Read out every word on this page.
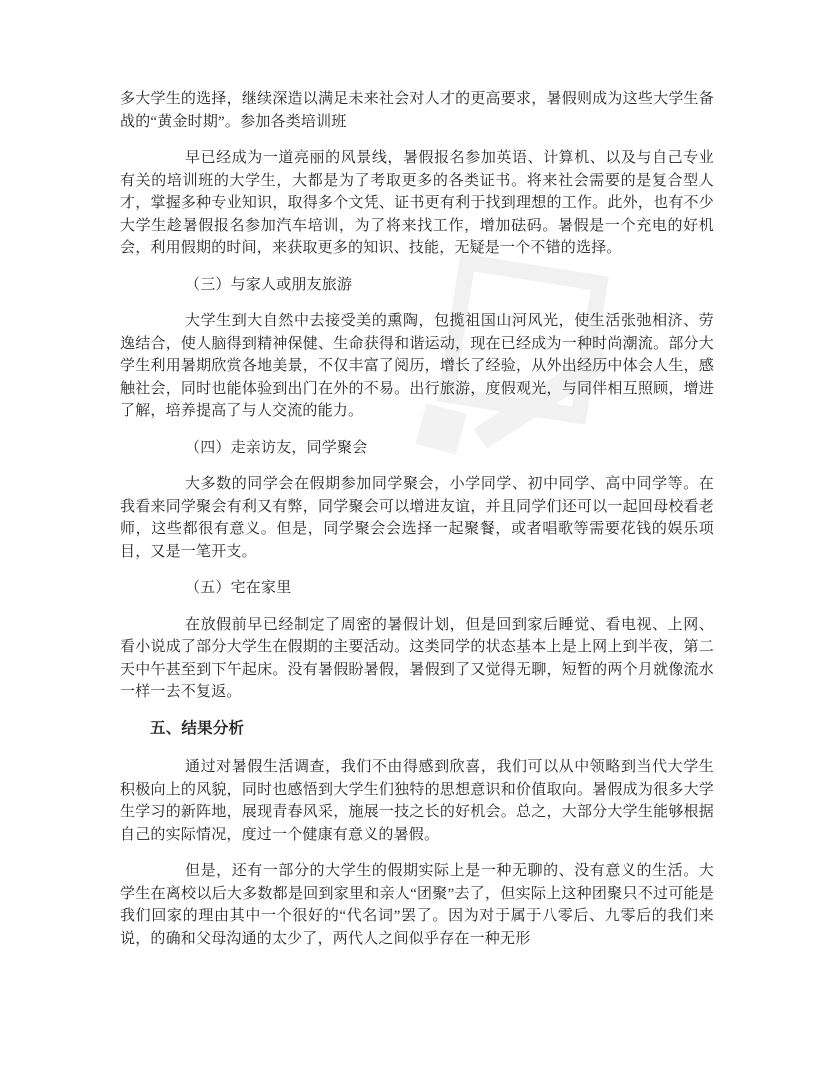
多大学生的选择，继续深造以满足未来社会对人才的更高要求，暑假则成为这些大学生备战的“黄金时期”。参加各类培训班

早已经成为一道亮丽的风景线，暑假报名参加英语、计算机、以及与自己专业有关的培训班的大学生，大都是为了考取更多的各类证书。将来社会需要的是复合型人才，掌握多种专业知识，取得多个文凭、证书更有利于找到理想的工作。此外，也有不少大学生趁暑假报名参加汽车培训，为了将来找工作，增加砝码。暑假是一个充电的好机会，利用假期的时间，来获取更多的知识、技能，无疑是一个不错的选择。

（三）与家人或朋友旅游

大学生到大自然中去接受美的熏陶，包揽祖国山河风光，使生活张弛相济、劳逸结合，使人脑得到精神保健、生命获得和谐运动，现在已经成为一种时尚潮流。部分大学生利用暑期欣赏各地美景，不仅丰富了阅历，增长了经验，从外出经历中体会人生，感触社会，同时也能体验到出门在外的不易。出行旅游，度假观光，与同伴相互照顾，增进了解，培养提高了与人交流的能力。

（四）走亲访友，同学聚会

大多数的同学会在假期参加同学聚会，小学同学、初中同学、高中同学等。在我看来同学聚会有利又有弊，同学聚会可以增进友谊，并且同学们还可以一起回母校看老师，这些都很有意义。但是，同学聚会会选择一起聚餐，或者唱歌等需要花钱的娱乐项目，又是一笔开支。

（五）宅在家里

在放假前早已经制定了周密的暑假计划，但是回到家后睡觉、看电视、上网、看小说成了部分大学生在假期的主要活动。这类同学的状态基本上是上网上到半夜，第二天中午甚至到下午起床。没有暑假盼暑假，暑假到了又觉得无聊，短暂的两个月就像流水一样一去不复返。

五、结果分析

通过对暑假生活调查，我们不由得感到欣喜，我们可以从中领略到当代大学生积极向上的风貌，同时也感悟到大学生们独特的思想意识和价值取向。暑假成为很多大学生学习的新阵地，展现青春风采，施展一技之长的好机会。总之，大部分大学生能够根据自己的实际情况，度过一个健康有意义的暑假。

但是，还有一部分的大学生的假期实际上是一种无聊的、没有意义的生活。大学生在离校以后大多数都是回到家里和亲人“团聚”去了，但实际上这种团聚只不过可能是我们回家的理由其中一个很好的“代名词”罢了。因为对于属于八零后、九零后的我们来说，的确和父母沟通的太少了，两代人之间似乎存在一种无形
